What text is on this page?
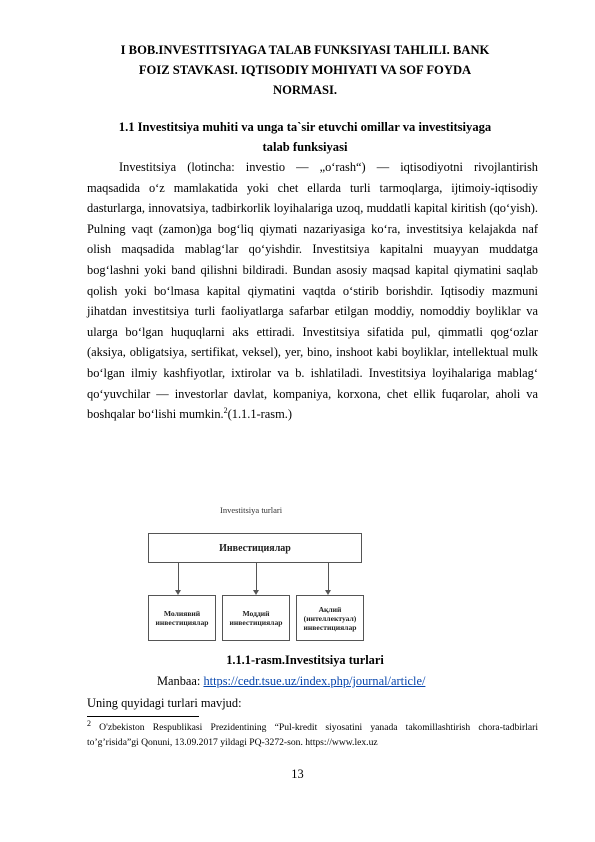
I BOB.INVESTITSIYAGA TALAB FUNKSIYASI TAHLILI. BANK
FOIZ STAVKASI. IQTISODIY MOHIYATI VA SOF FOYDA
NORMASI.
1.1 Investitsiya muhiti va unga ta`sir etuvchi omillar va investitsiyaga
talab funksiyasi
Investitsiya (lotincha: investio — „o‘rash“) — iqtisodiyotni rivojlantirish maqsadida o‘z mamlakatida yoki chet ellarda turli tarmoqlarga, ijtimoiy-iqtisodiy dasturlarga, innovatsiya, tadbirkorlik loyihalariga uzoq, muddatli kapital kiritish (qo‘yish). Pulning vaqt (zamon)ga bog‘liq qiymati nazariyasiga ko‘ra, investitsiya kelajakda naf olish maqsadida mablag‘lar qo‘yishdir. Investitsiya kapitalni muayyan muddatga bog‘lashni yoki band qilishni bildiradi. Bundan asosiy maqsad kapital qiymatini saqlab qolish yoki bo‘lmasa kapital qiymatini vaqtda o‘stirib borishdir. Iqtisodiy mazmuni jihatdan investitsiya turli faoliyatlarga safarbar etilgan moddiy, nomoddiy boyliklar va ularga bo‘lgan huquqlarni aks ettiradi. Investitsiya sifatida pul, qimmatli qog‘ozlar (aksiya, obligatsiya, sertifikat, veksel), yer, bino, inshoot kabi boyliklar, intellektual mulk bo‘lgan ilmiy kashfiyotlar, ixtirolar va b. ishlatiladi. Investitsiya loyihalariga mablag‘ qo‘yuvchilar — investorlar davlat, kompaniya, korxona, chet ellik fuqarolar, aholi va boshqalar bo‘lishi mumkin.$^2$(1.1.1-rasm.)
Investitsiya turlari
Инвестициялар
Молиявий
инвестициялар
Моддий
инвестициялар
Ақлий
(интеллектуал)
инвестициялар
1.1.1-rasm.Investitsiya turlari
Manbaa: https://cedr.tsue.uz/index.php/journal/article/
Uning quyidagi turlari mavjud:
$^2$ O'zbekiston Respublikasi Prezidentining “Pul-kredit siyosatini yanada takomillashtirish chora-tadbirlari to’g’risida”gi Qonuni, 13.09.2017 yildagi PQ-3272-son. https://www.lex.uz
13
